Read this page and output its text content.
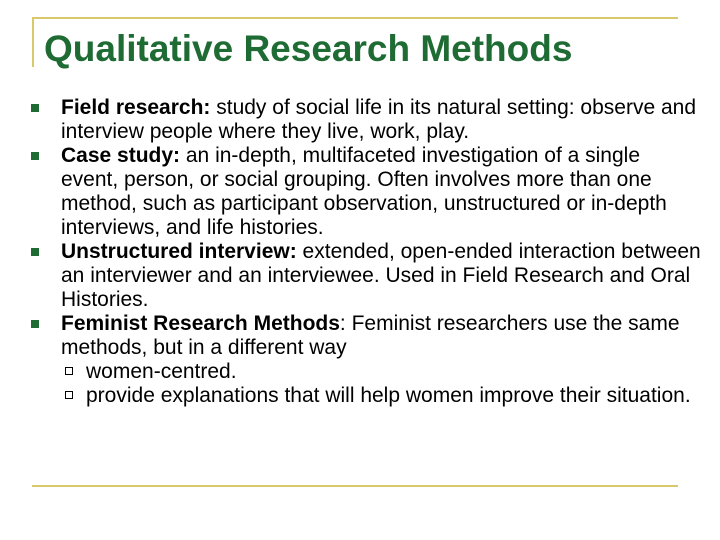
Qualitative Research Methods
Field research: study of social life in its natural setting: observe and interview people where they live, work, play.
Case study: an in-depth, multifaceted investigation of a single event, person, or social grouping. Often involves more than one method, such as participant observation, unstructured or in-depth interviews, and life histories.
Unstructured interview: extended, open-ended interaction between an interviewer and an interviewee. Used in Field Research and Oral Histories.
Feminist Research Methods: Feminist researchers use the same methods, but in a different way
women-centred.
provide explanations that will help women improve their situation.
